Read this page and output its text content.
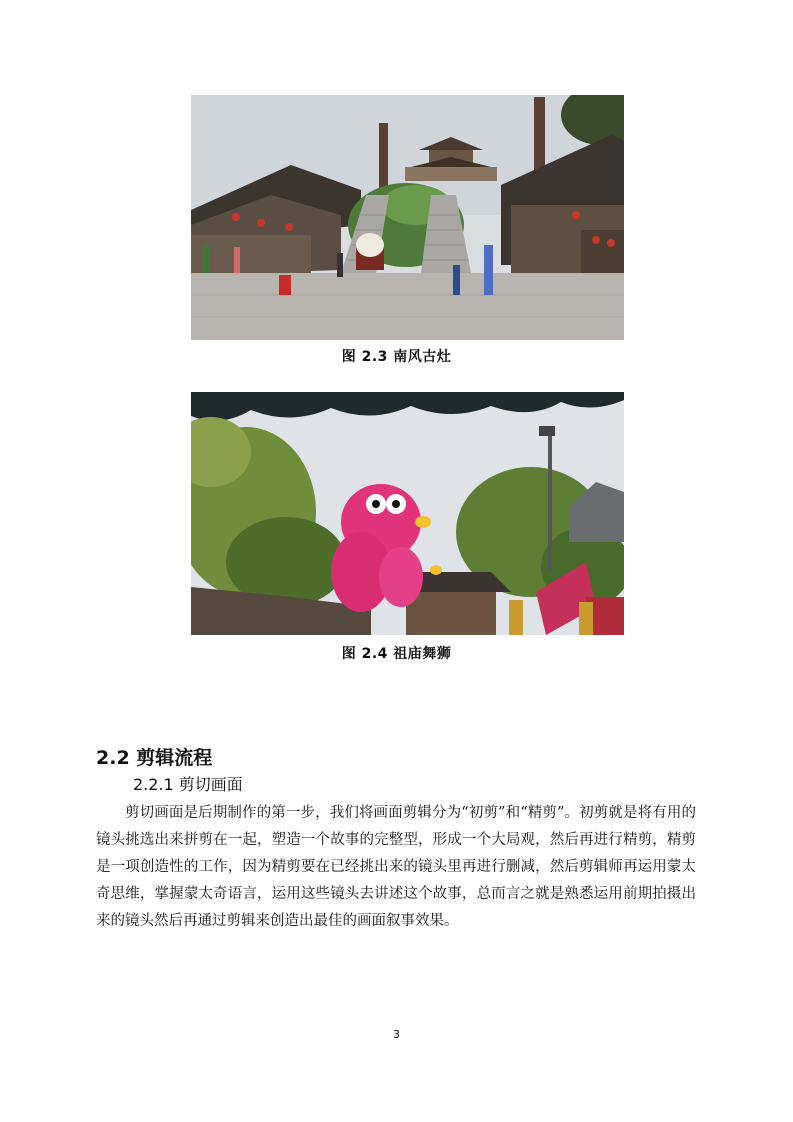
图 2.3 南风古灶
图 2.4 祖庙舞狮
2.2 剪辑流程
2.2.1 剪切画面
剪切画面是后期制作的第一步，我们将画面剪辑分为“初剪”和“精剪”。初剪就是将有用的镜头挑选出来拼剪在一起，塑造一个故事的完整型，形成一个大局观，然后再进行精剪，精剪是一项创造性的工作，因为精剪要在已经挑出来的镜头里再进行删减，然后剪辑师再运用蒙太奇思维，掌握蒙太奇语言，运用这些镜头去讲述这个故事，总而言之就是熟悉运用前期拍摄出来的镜头然后再通过剪辑来创造出最佳的画面叙事效果。
3
